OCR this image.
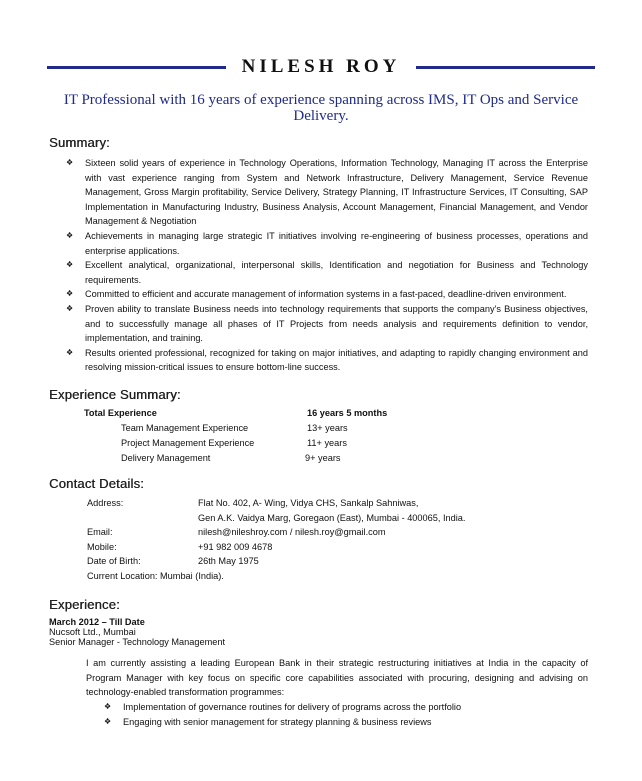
NILESH ROY
IT Professional with 16 years of experience spanning across IMS, IT Ops and Service Delivery.
Summary:
❖	Sixteen solid years of experience in Technology Operations, Information Technology, Managing IT across the Enterprise with vast experience ranging from System and Network Infrastructure, Delivery Management, Service Revenue Management, Gross Margin profitability, Service Delivery, Strategy Planning, IT Infrastructure Services, IT Consulting, SAP Implementation in Manufacturing Industry, Business Analysis, Account Management, Financial Management, and Vendor Management & Negotiation
❖	Achievements in managing large strategic IT initiatives involving re-engineering of business processes, operations and enterprise applications.
❖	Excellent analytical, organizational, interpersonal skills, Identification and negotiation for Business and Technology requirements.
❖	Committed to efficient and accurate management of information systems in a fast-paced, deadline-driven environment.
❖	Proven ability to translate Business needs into technology requirements that supports the company's Business objectives, and to successfully manage all phases of IT Projects from needs analysis and requirements definition to vendor, implementation, and training.
❖	Results oriented professional, recognized for taking on major initiatives, and adapting to rapidly changing environment and resolving mission-critical issues to ensure bottom-line success.
Experience Summary:
Total Experience	16 years 5 months
Team Management Experience	13+ years
Project Management Experience	11+ years
Delivery Management	9+ years
Contact Details:
Address:	Flat No. 402, A- Wing, Vidya CHS, Sankalp Sahniwas,
Gen A.K. Vaidya Marg, Goregaon (East), Mumbai - 400065, India.
Email:	nilesh@nileshroy.com / nilesh.roy@gmail.com
Mobile:	+91 982 009 4678
Date of Birth:	26th May 1975
Current Location: Mumbai (India).
Experience:
March 2012 – Till Date
Nucsoft Ltd., Mumbai
Senior Manager - Technology Management
I am currently assisting a leading European Bank in their strategic restructuring initiatives at India in the capacity of Program Manager with key focus on specific core capabilities associated with procuring, designing and advising on technology-enabled transformation programmes:
❖	Implementation of governance routines for delivery of programs across the portfolio
❖	Engaging with senior management for strategy planning & business reviews
